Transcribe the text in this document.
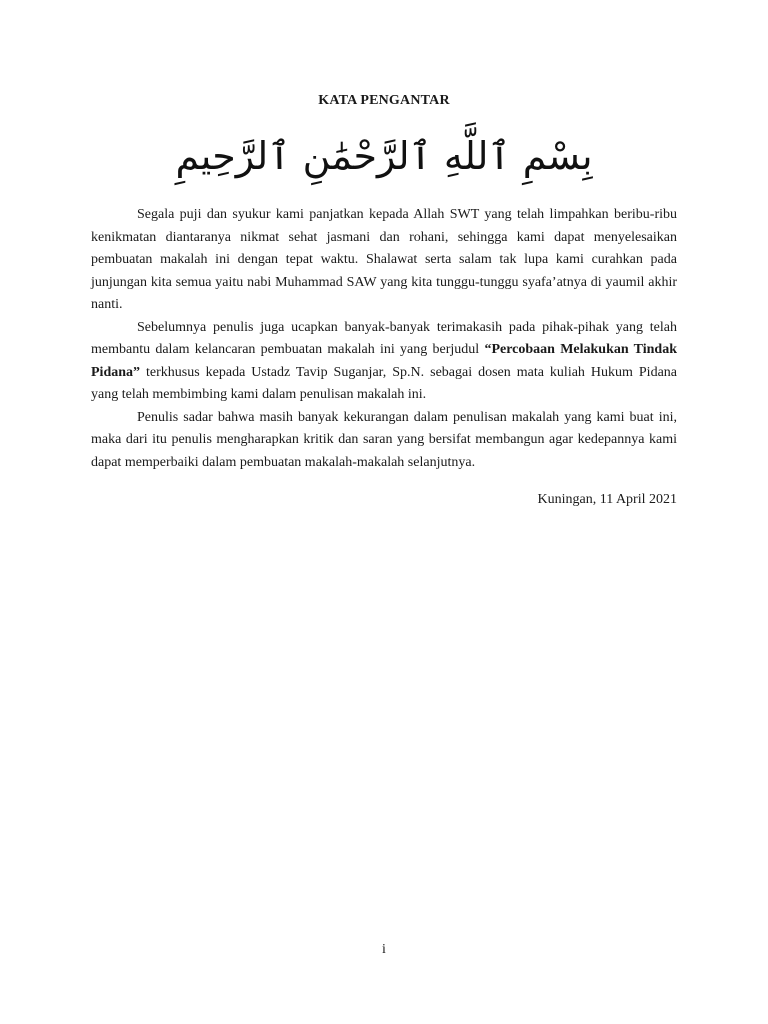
KATA PENGANTAR
بِسْمِ ٱللَّهِ ٱلرَّحْمَٰنِ ٱلرَّحِيمِ

Segala puji dan syukur kami panjatkan kepada Allah SWT yang telah limpahkan beribu-ribu kenikmatan diantaranya nikmat sehat jasmani dan rohani, sehingga kami dapat menyelesaikan pembuatan makalah ini dengan tepat waktu. Shalawat serta salam tak lupa kami curahkan pada junjungan kita semua yaitu nabi Muhammad SAW yang kita tunggu-tunggu syafa’atnya di yaumil akhir nanti.

Sebelumnya penulis juga ucapkan banyak-banyak terimakasih pada pihak-pihak yang telah membantu dalam kelancaran pembuatan makalah ini yang berjudul “Percobaan Melakukan Tindak Pidana” terkhusus kepada Ustadz Tavip Suganjar, Sp.N. sebagai dosen mata kuliah Hukum Pidana yang telah membimbing kami dalam penulisan makalah ini.

Penulis sadar bahwa masih banyak kekurangan dalam penulisan makalah yang kami buat ini, maka dari itu penulis mengharapkan kritik dan saran yang bersifat membangun agar kedepannya kami dapat memperbaiki dalam pembuatan makalah-makalah selanjutnya.

Kuningan, 11 April 2021
i
